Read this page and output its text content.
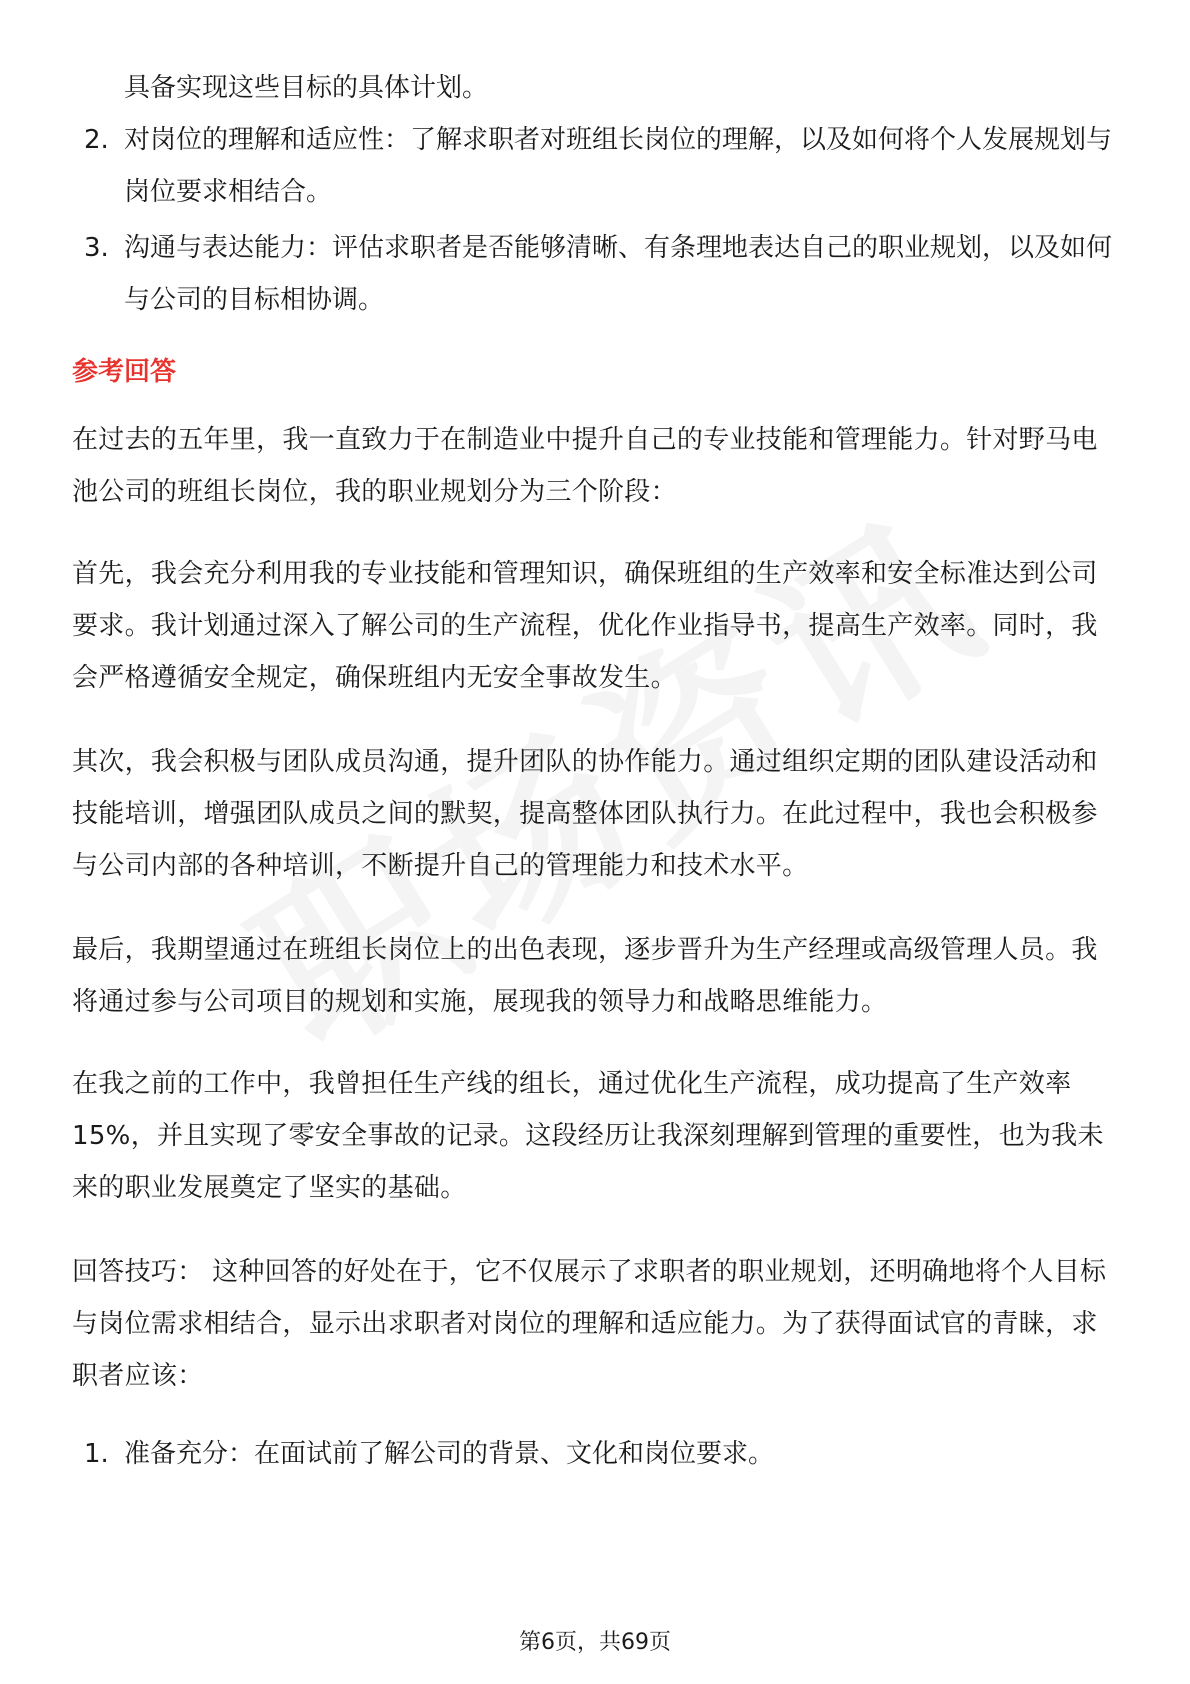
具备实现这些目标的具体计划。

2. 对岗位的理解和适应性：了解求职者对班组长岗位的理解，以及如何将个人发展规划与岗位要求相结合。
3. 沟通与表达能力：评估求职者是否能够清晰、有条理地表达自己的职业规划，以及如何与公司的目标相协调。
参考回答

在过去的五年里，我一直致力于在制造业中提升自己的专业技能和管理能力。针对野马电池公司的班组长岗位，我的职业规划分为三个阶段：

首先，我会充分利用我的专业技能和管理知识，确保班组的生产效率和安全标准达到公司要求。我计划通过深入了解公司的生产流程，优化作业指导书，提高生产效率。同时，我会严格遵循安全规定，确保班组内无安全事故发生。

其次，我会积极与团队成员沟通，提升团队的协作能力。通过组织定期的团队建设活动和技能培训，增强团队成员之间的默契，提高整体团队执行力。在此过程中，我也会积极参与公司内部的各种培训，不断提升自己的管理能力和技术水平。

最后，我期望通过在班组长岗位上的出色表现，逐步晋升为生产经理或高级管理人员。我将通过参与公司项目的规划和实施，展现我的领导力和战略思维能力。

在我之前的工作中，我曾担任生产线的组长，通过优化生产流程，成功提高了生产效率15%，并且实现了零安全事故的记录。这段经历让我深刻理解到管理的重要性，也为我未来的职业发展奠定了坚实的基础。

回答技巧： 这种回答的好处在于，它不仅展示了求职者的职业规划，还明确地将个人目标与岗位需求相结合，显示出求职者对岗位的理解和适应能力。为了获得面试官的青睐，求职者应该：

1. 准备充分：在面试前了解公司的背景、文化和岗位要求。
第6页，共69页
